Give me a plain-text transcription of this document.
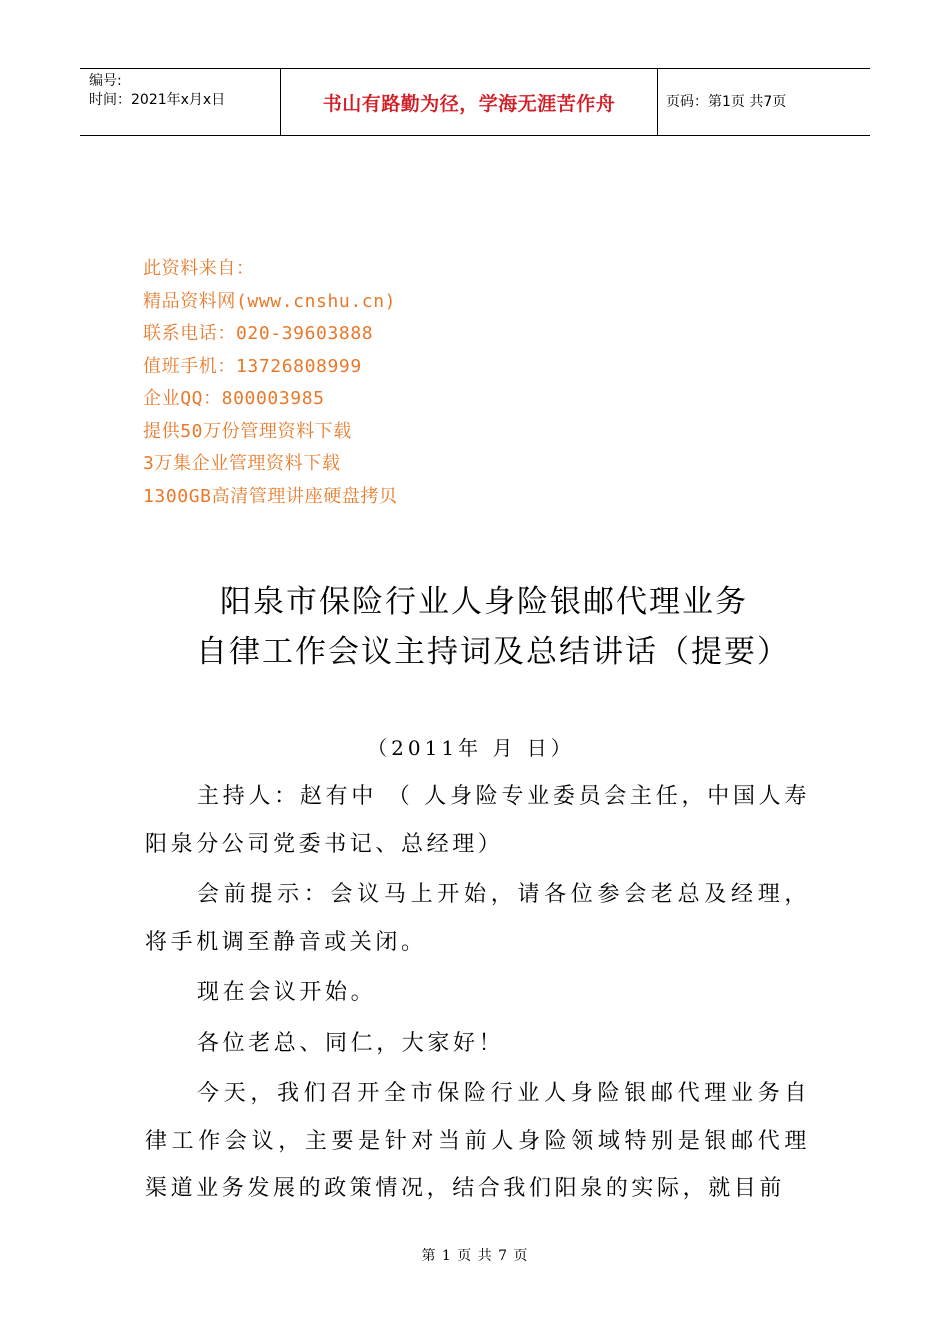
编号:
时间：2021年x月x日	书山有路勤为径，学海无涯苦作舟	页码：第1页 共7页
此资料来自：
精品资料网(www.cnshu.cn)
联系电话：020-39603888
值班手机：13726808999
企业QQ：800003985
提供50万份管理资料下载
3万集企业管理资料下载
1300GB高清管理讲座硬盘拷贝
阳泉市保险行业人身险银邮代理业务
自律工作会议主持词及总结讲话（提要）
（2011年 月 日）

主持人：赵有中 （ 人身险专业委员会主任，中国人寿阳泉分公司党委书记、总经理）

会前提示：会议马上开始，请各位参会老总及经理，将手机调至静音或关闭。

现在会议开始。

各位老总、同仁，大家好！

今天，我们召开全市保险行业人身险银邮代理业务自律工作会议，主要是针对当前人身险领域特别是银邮代理渠道业务发展的政策情况，结合我们阳泉的实际，就目前

第 1 页 共 7 页
